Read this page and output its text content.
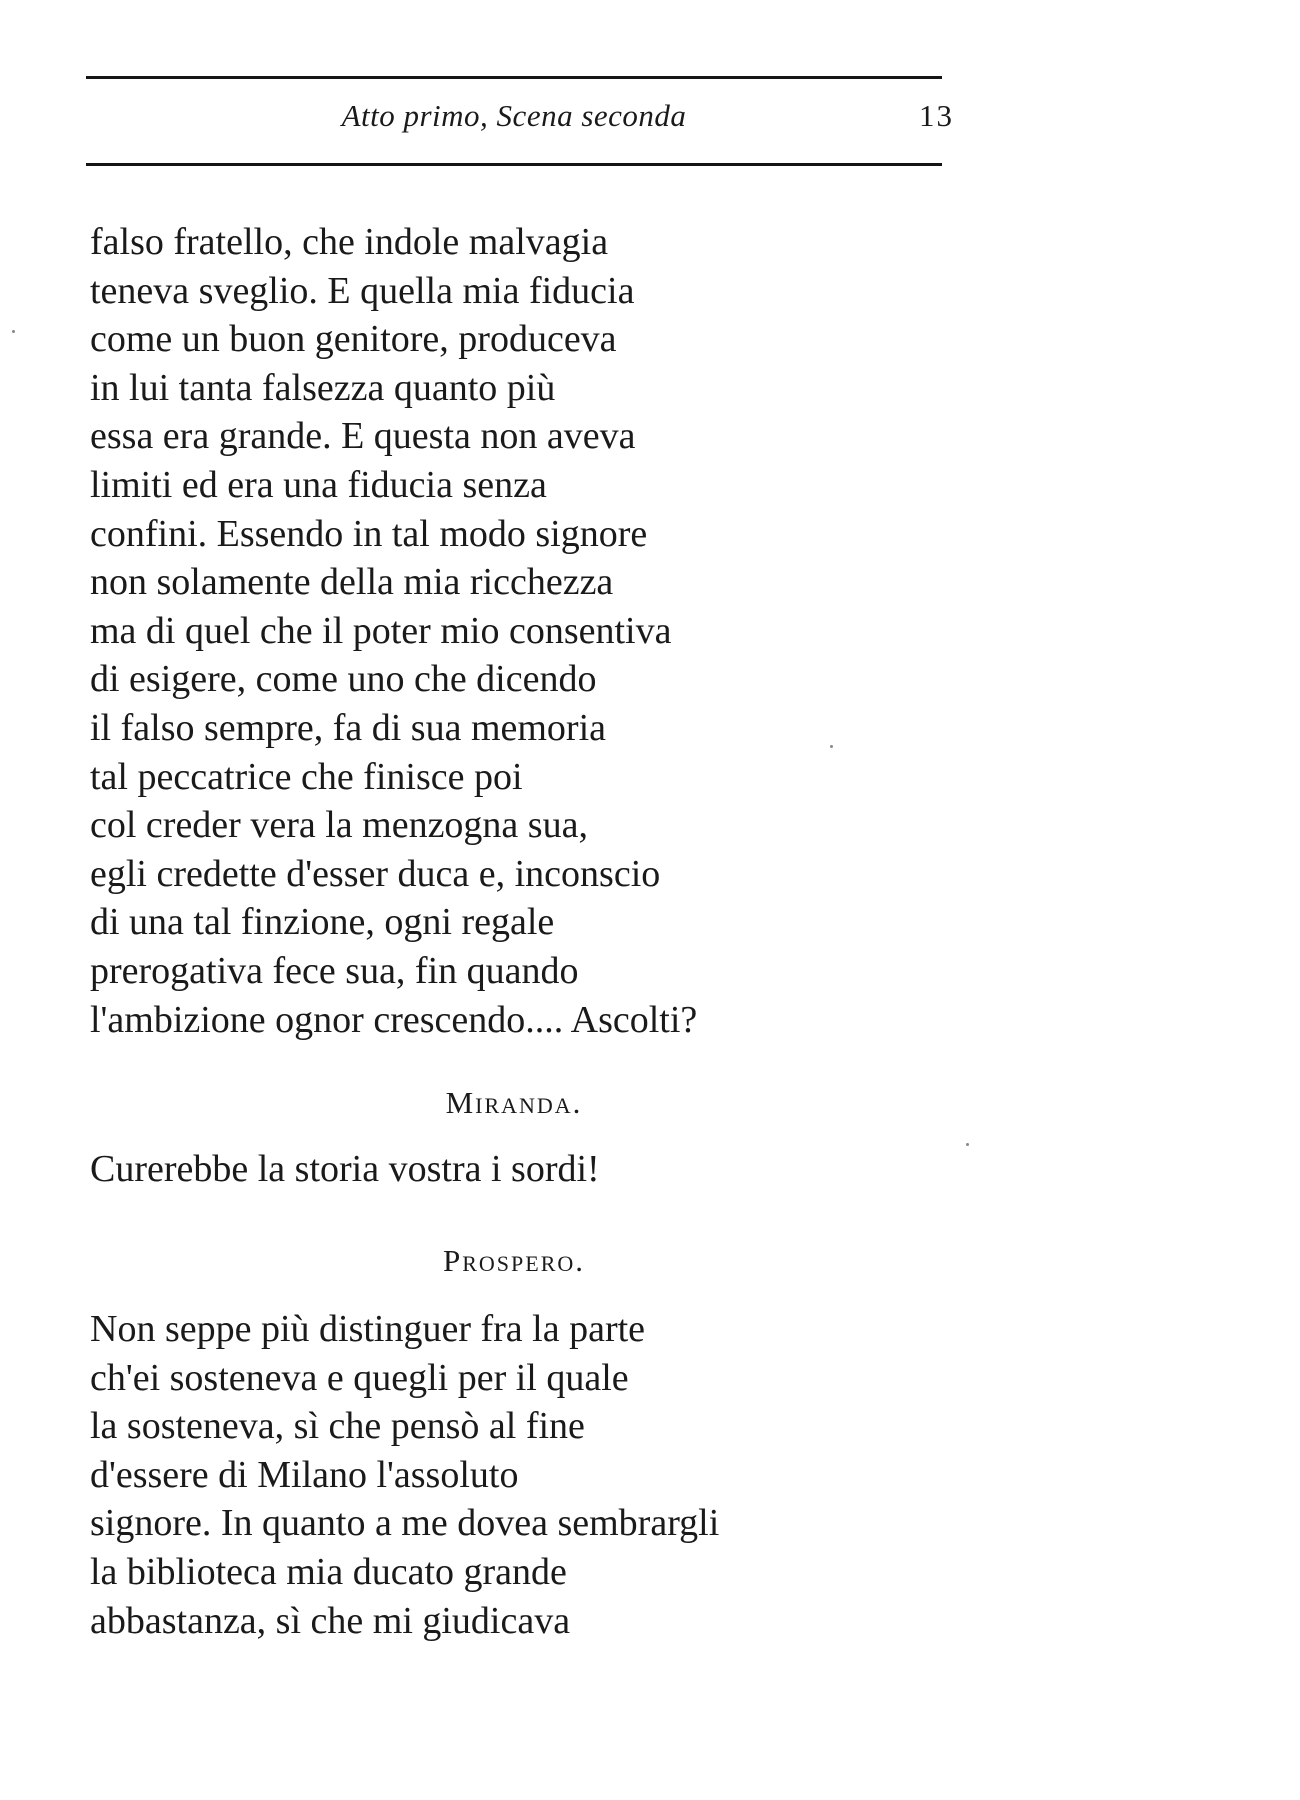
Atto primo, Scena seconda	13
falso fratello, che indole malvagia
teneva sveglio. E quella mia fiducia
come un buon genitore, produceva
in lui tanta falsezza quanto più
essa era grande. E questa non aveva
limiti ed era una fiducia senza
confini. Essendo in tal modo signore
non solamente della mia ricchezza
ma di quel che il poter mio consentiva
di esigere, come uno che dicendo
il falso sempre, fa di sua memoria
tal peccatrice che finisce poi
col creder vera la menzogna sua,
egli credette d'esser duca e, inconscio
di una tal finzione, ogni regale
prerogativa fece sua, fin quando
l'ambizione ognor crescendo.... Ascolti?
Miranda.
Curerebbe la storia vostra i sordi!
Prospero.
Non seppe più distinguer fra la parte
ch'ei sosteneva e quegli per il quale
la sosteneva, sì che pensò al fine
d'essere di Milano l'assoluto
signore. In quanto a me dovea sembrargli
la biblioteca mia ducato grande
abbastanza, sì che mi giudicava
